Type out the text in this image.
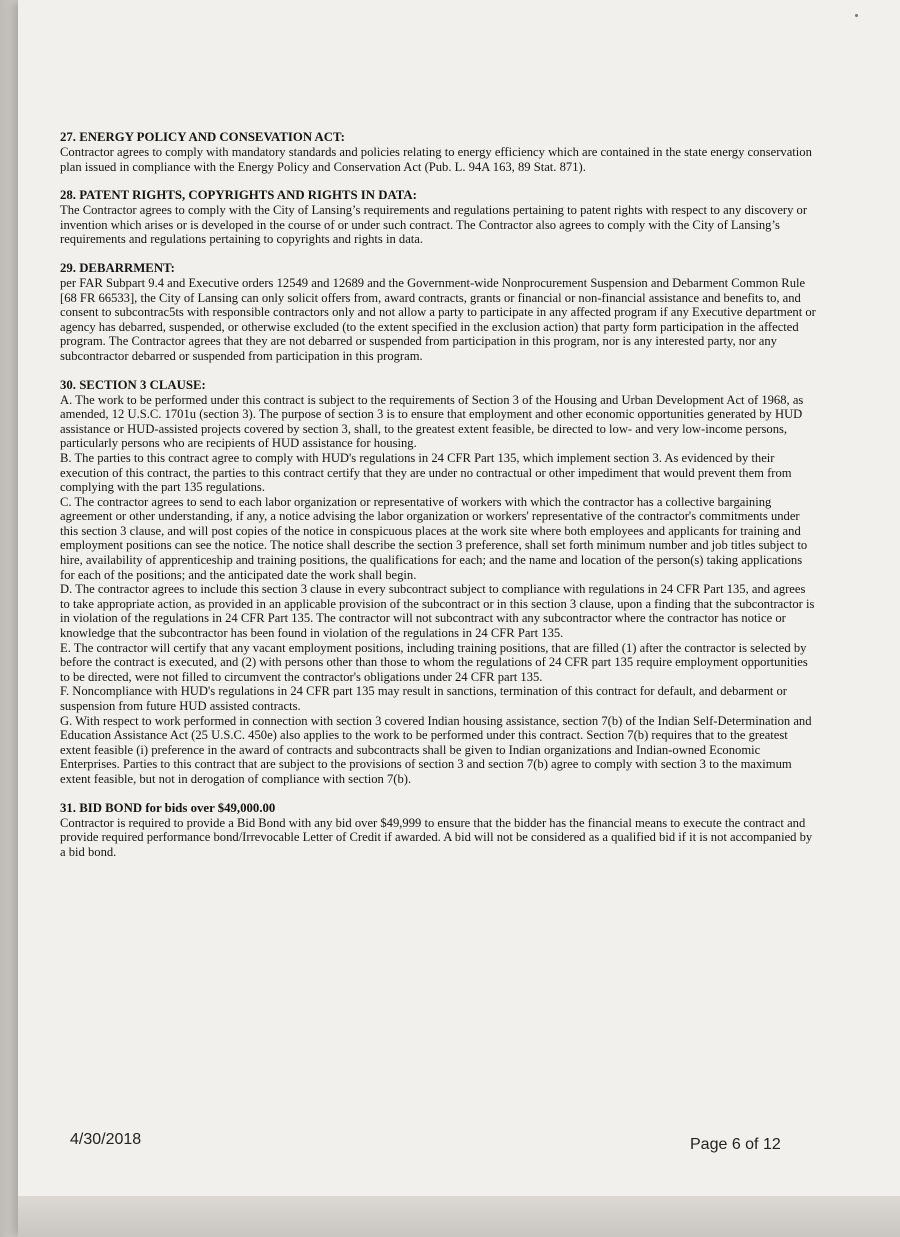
27. ENERGY POLICY AND CONSEVATION ACT:

Contractor agrees to comply with mandatory standards and policies relating to energy efficiency which are contained in the state energy conservation plan issued in compliance with the Energy Policy and Conservation Act (Pub. L. 94A 163, 89 Stat. 871).

28. PATENT RIGHTS, COPYRIGHTS AND RIGHTS IN DATA:

The Contractor agrees to comply with the City of Lansing’s requirements and regulations pertaining to patent rights with respect to any discovery or invention which arises or is developed in the course of or under such contract. The Contractor also agrees to comply with the City of Lansing’s requirements and regulations pertaining to copyrights and rights in data.

29. DEBARRMENT:

per FAR Subpart 9.4 and Executive orders 12549 and 12689 and the Government-wide Nonprocurement Suspension and Debarment Common Rule [68 FR 66533], the City of Lansing can only solicit offers from, award contracts, grants or financial or non-financial assistance and benefits to, and consent to subcontrac5ts with responsible contractors only and not allow a party to participate in any affected program if any Executive department or agency has debarred, suspended, or otherwise excluded (to the extent specified in the exclusion action) that party form participation in the affected program. The Contractor agrees that they are not debarred or suspended from participation in this program, nor is any interested party, nor any subcontractor debarred or suspended from participation in this program.

30. SECTION 3 CLAUSE:

A. The work to be performed under this contract is subject to the requirements of Section 3 of the Housing and Urban Development Act of 1968, as amended, 12 U.S.C. 1701u (section 3). The purpose of section 3 is to ensure that employment and other economic opportunities generated by HUD assistance or HUD-assisted projects covered by section 3, shall, to the greatest extent feasible, be directed to low- and very low-income persons, particularly persons who are recipients of HUD assistance for housing.

B. The parties to this contract agree to comply with HUD's regulations in 24 CFR Part 135, which implement section 3. As evidenced by their execution of this contract, the parties to this contract certify that they are under no contractual or other impediment that would prevent them from complying with the part 135 regulations.

C. The contractor agrees to send to each labor organization or representative of workers with which the contractor has a collective bargaining agreement or other understanding, if any, a notice advising the labor organization or workers' representative of the contractor's commitments under this section 3 clause, and will post copies of the notice in conspicuous places at the work site where both employees and applicants for training and employment positions can see the notice. The notice shall describe the section 3 preference, shall set forth minimum number and job titles subject to hire, availability of apprenticeship and training positions, the qualifications for each; and the name and location of the person(s) taking applications for each of the positions; and the anticipated date the work shall begin.

D. The contractor agrees to include this section 3 clause in every subcontract subject to compliance with regulations in 24 CFR Part 135, and agrees to take appropriate action, as provided in an applicable provision of the subcontract or in this section 3 clause, upon a finding that the subcontractor is in violation of the regulations in 24 CFR Part 135. The contractor will not subcontract with any subcontractor where the contractor has notice or knowledge that the subcontractor has been found in violation of the regulations in 24 CFR Part 135.

E. The contractor will certify that any vacant employment positions, including training positions, that are filled (1) after the contractor is selected by before the contract is executed, and (2) with persons other than those to whom the regulations of 24 CFR part 135 require employment opportunities to be directed, were not filled to circumvent the contractor's obligations under 24 CFR part 135.

F. Noncompliance with HUD's regulations in 24 CFR part 135 may result in sanctions, termination of this contract for default, and debarment or suspension from future HUD assisted contracts.

G. With respect to work performed in connection with section 3 covered Indian housing assistance, section 7(b) of the Indian Self-Determination and Education Assistance Act (25 U.S.C. 450e) also applies to the work to be performed under this contract. Section 7(b) requires that to the greatest extent feasible (i) preference in the award of contracts and subcontracts shall be given to Indian organizations and Indian-owned Economic Enterprises. Parties to this contract that are subject to the provisions of section 3 and section 7(b) agree to comply with section 3 to the maximum extent feasible, but not in derogation of compliance with section 7(b).

31. BID BOND for bids over $49,000.00

Contractor is required to provide a Bid Bond with any bid over $49,999 to ensure that the bidder has the financial means to execute the contract and provide required performance bond/Irrevocable Letter of Credit if awarded. A bid will not be considered as a qualified bid if it is not accompanied by a bid bond.

4/30/2018	Page 6 of 12
